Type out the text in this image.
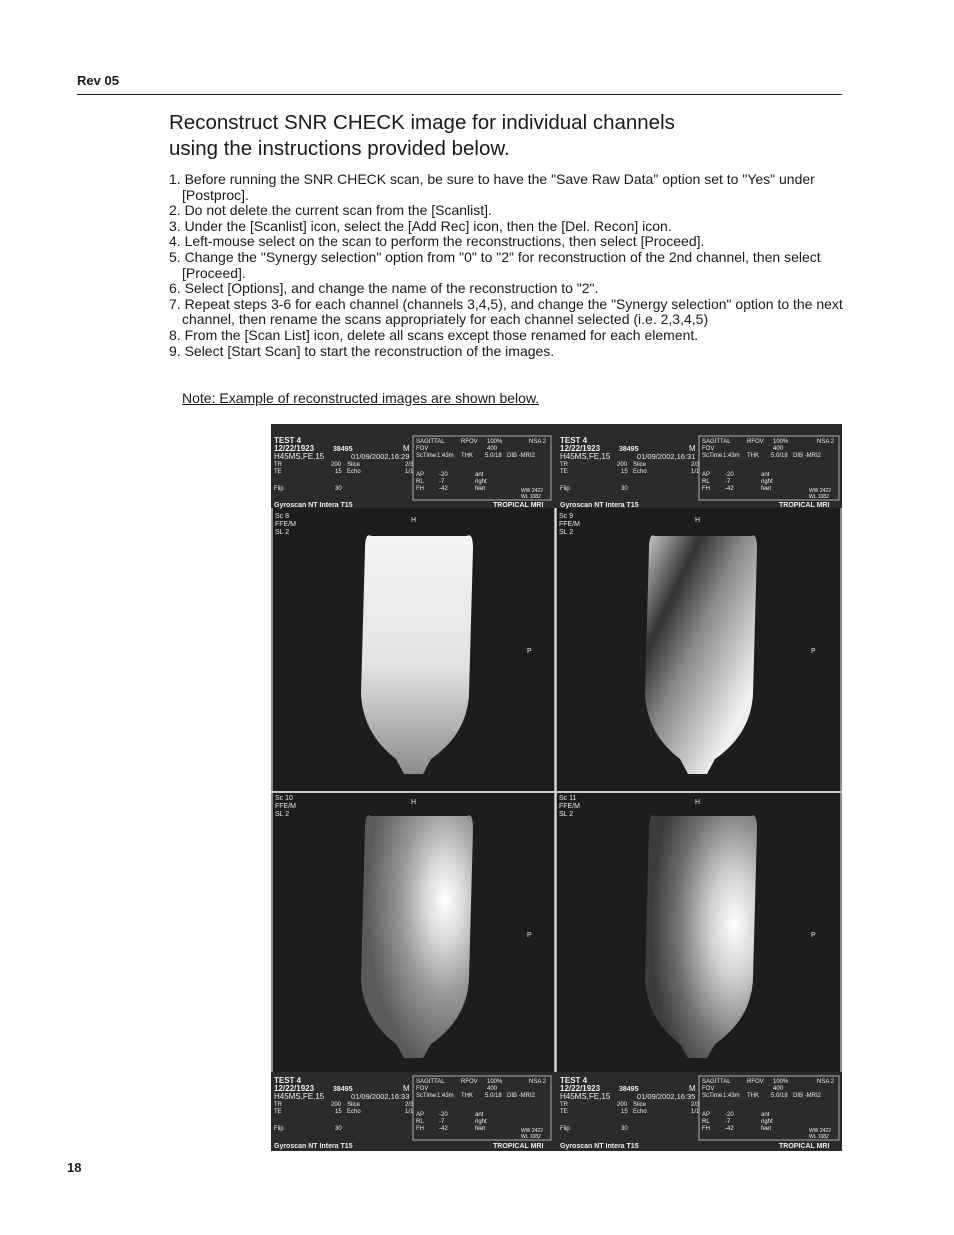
Rev 05
Reconstruct SNR CHECK image for individual channels
using the instructions provided below.
1. Before running the SNR CHECK scan, be sure to have the "Save Raw Data" option set to "Yes" under [Postproc].
2. Do not delete the current scan from the [Scanlist].
3. Under the [Scanlist] icon, select the [Add Rec] icon, then the [Del. Recon] icon.
4. Left-mouse select on the scan to perform the reconstructions, then select [Proceed].
5. Change the "Synergy selection" option from "0" to "2" for reconstruction of the 2nd channel, then select [Proceed].
6. Select [Options], and change the name of the reconstruction to "2".
7. Repeat steps 3-6 for each channel (channels 3,4,5), and change the "Synergy selection" option to the next channel, then rename the scans appropriately for each channel selected (i.e. 2,3,4,5)
8. From the [Scan List] icon, delete all scans except those renamed for each element.
9. Select [Start Scan] to start the reconstruction of the images.
Note: Example of reconstructed images are shown below.
Sc 8
FFE/M
SL 2
H
P
Sc 9
FFE/M
SL 2
H
P
Sc 10
FFE/M
SL 2
H
P
Sc 11
FFE/M
SL 2
H
P
TEST 4
12/22/1923	38495	M
H45MS,FE,15	01/09/2002,16:29
TR	200 Slice	2/3
TE	15 Echo	1/1
Flip	30
SAGITTAL
FOV
RFOV 100%
400
NSA 2
ScTime 1:43m THK 5.0/18 DIB -MRI2
AP -20	ant
RL	-7	right
FH	-42	feet	WW 2422
WL 1082
Gyroscan NT Intera T15	TROPICAL MRI
TEST 4
12/22/1923	38495	M
H45MS,FE,15	01/09/2002,16:31
TR	200 Slice	2/3
TE	15 Echo	1/1
Flip	30
SAGITTAL
FOV
RFOV 100%
400
NSA 2
ScTime 1:43m THK 5.0/18 DIB -MRI2
AP -20	ant
RL	-7	right
FH	-42	feet	WW 2422
WL 1082
Gyroscan NT Intera T15	TROPICAL MRI
TEST 4
12/22/1923	38495	M
H45MS,FE,15	01/09/2002,16:33
TR	200 Slice	2/3
TE	15 Echo	1/1
Flip	30
SAGITTAL
FOV
RFOV 100%
400
NSA 2
ScTime 1:43m THK 5.0/18 DIB -MRI2
AP -20	ant
RL	-7	right
FH	-42	feet	WW 2422
WL 1082
Gyroscan NT Intera T15	TROPICAL MRI
TEST 4
12/22/1923	38495	M
H45MS,FE,15	01/09/2002,16:35
TR	200 Slice	2/3
TE	15 Echo	1/1
Flip	30
SAGITTAL
FOV
RFOV 100%
400
NSA 2
ScTime 1:43m THK 5.0/18 DIB -MRI2
AP -20	ant
RL	-7	right
FH	-42	feet	WW 2422
WL 1082
Gyroscan NT Intera T15	TROPICAL MRI
18
